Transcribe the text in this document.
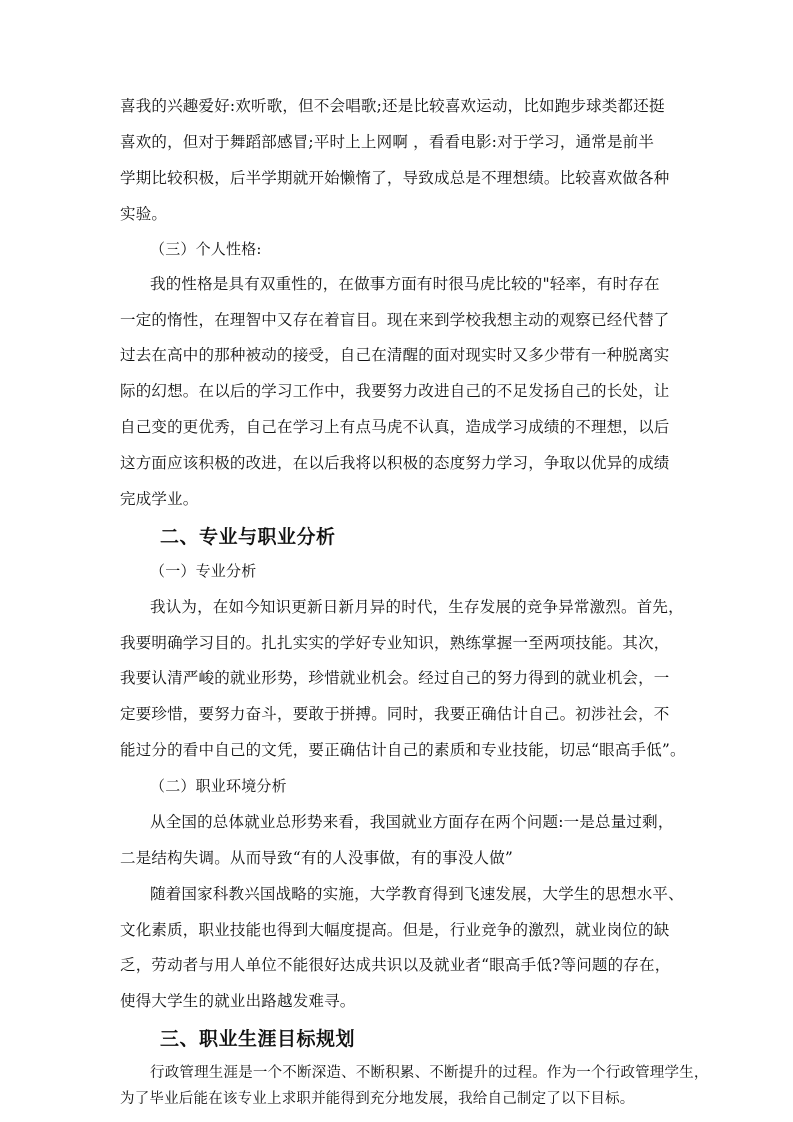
喜我的兴趣爱好:欢听歌，但不会唱歌;还是比较喜欢运动，比如跑步球类都还挺
喜欢的，但对于舞蹈部感冒;平时上上网啊 ，看看电影:对于学习，通常是前半
学期比较积极，后半学期就开始懒惰了，导致成总是不理想绩。比较喜欢做各种
实验。
（三）个人性格:
我的性格是具有双重性的，在做事方面有时很马虎比较的"轻率，有时存在
一定的惰性，在理智中又存在着盲目。现在来到学校我想主动的观察已经代替了
过去在高中的那种被动的接受，自己在清醒的面对现实时又多少带有一种脱离实
际的幻想。在以后的学习工作中，我要努力改进自己的不足发扬自己的长处，让
自己变的更优秀，自己在学习上有点马虎不认真，造成学习成绩的不理想，以后
这方面应该积极的改进，在以后我将以积极的态度努力学习，争取以优异的成绩
完成学业。
二、专业与职业分析
（一）专业分析
我认为，在如今知识更新日新月异的时代，生存发展的竞争异常激烈。首先，
我要明确学习目的。扎扎实实的学好专业知识，熟练掌握一至两项技能。其次，
我要认清严峻的就业形势，珍惜就业机会。经过自己的努力得到的就业机会，一
定要珍惜，要努力奋斗，要敢于拼搏。同时，我要正确估计自己。初涉社会，不
能过分的看中自己的文凭，要正确估计自己的素质和专业技能，切忌“眼高手低”。
（二）职业环境分析
从全国的总体就业总形势来看，我国就业方面存在两个问题:一是总量过剩，
二是结构失调。从而导致“有的人没事做，有的事没人做”
随着国家科教兴国战略的实施，大学教育得到飞速发展，大学生的思想水平、
文化素质，职业技能也得到大幅度提高。但是，行业竞争的激烈，就业岗位的缺
乏，劳动者与用人单位不能很好达成共识以及就业者“眼高手低?等问题的存在，
使得大学生的就业出路越发难寻。
三、职业生涯目标规划
行政管理生涯是一个不断深造、不断积累、不断提升的过程。作为一个行政管理学生，
为了毕业后能在该专业上求职并能得到充分地发展，我给自己制定了以下目标。
